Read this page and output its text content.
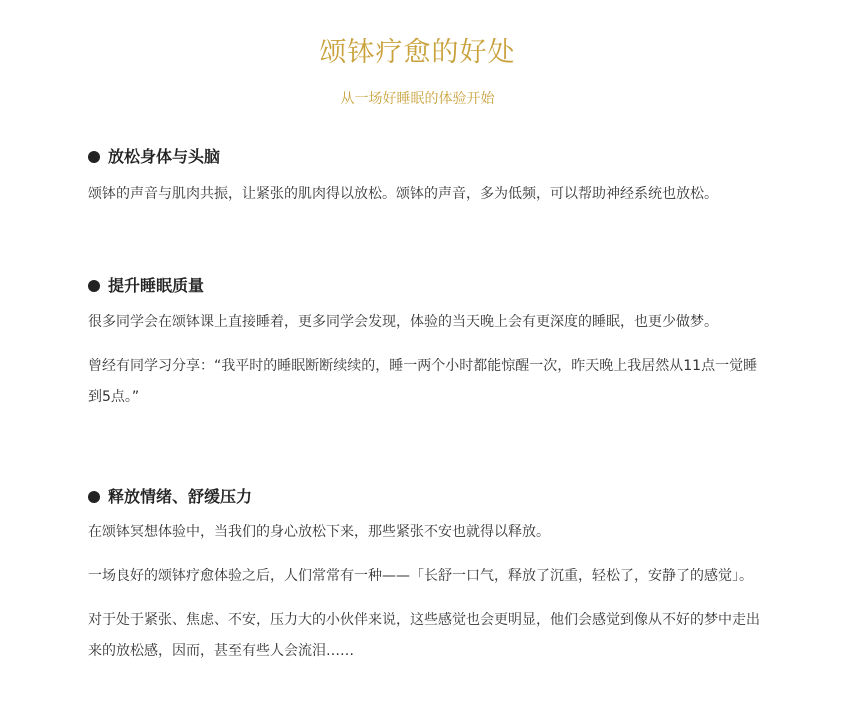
颂钵疗愈的好处
从一场好睡眠的体验开始
放松身体与头脑

颂钵的声音与肌肉共振，让紧张的肌肉得以放松。颂钵的声音，多为低频，可以帮助神经系统也放松。

提升睡眠质量

很多同学会在颂钵课上直接睡着，更多同学会发现，体验的当天晚上会有更深度的睡眠，也更少做梦。

曾经有同学习分享：“我平时的睡眠断断续续的，睡一两个小时都能惊醒一次，昨天晚上我居然从11点一觉睡到5点。”

释放情绪、舒缓压力

在颂钵冥想体验中，当我们的身心放松下来，那些紧张不安也就得以释放。

一场良好的颂钵疗愈体验之后，人们常常有一种——「长舒一口气，释放了沉重，轻松了，安静了的感觉」。

对于处于紧张、焦虑、不安，压力大的小伙伴来说，这些感觉也会更明显，他们会感觉到像从不好的梦中走出来的放松感，因而，甚至有些人会流泪……
